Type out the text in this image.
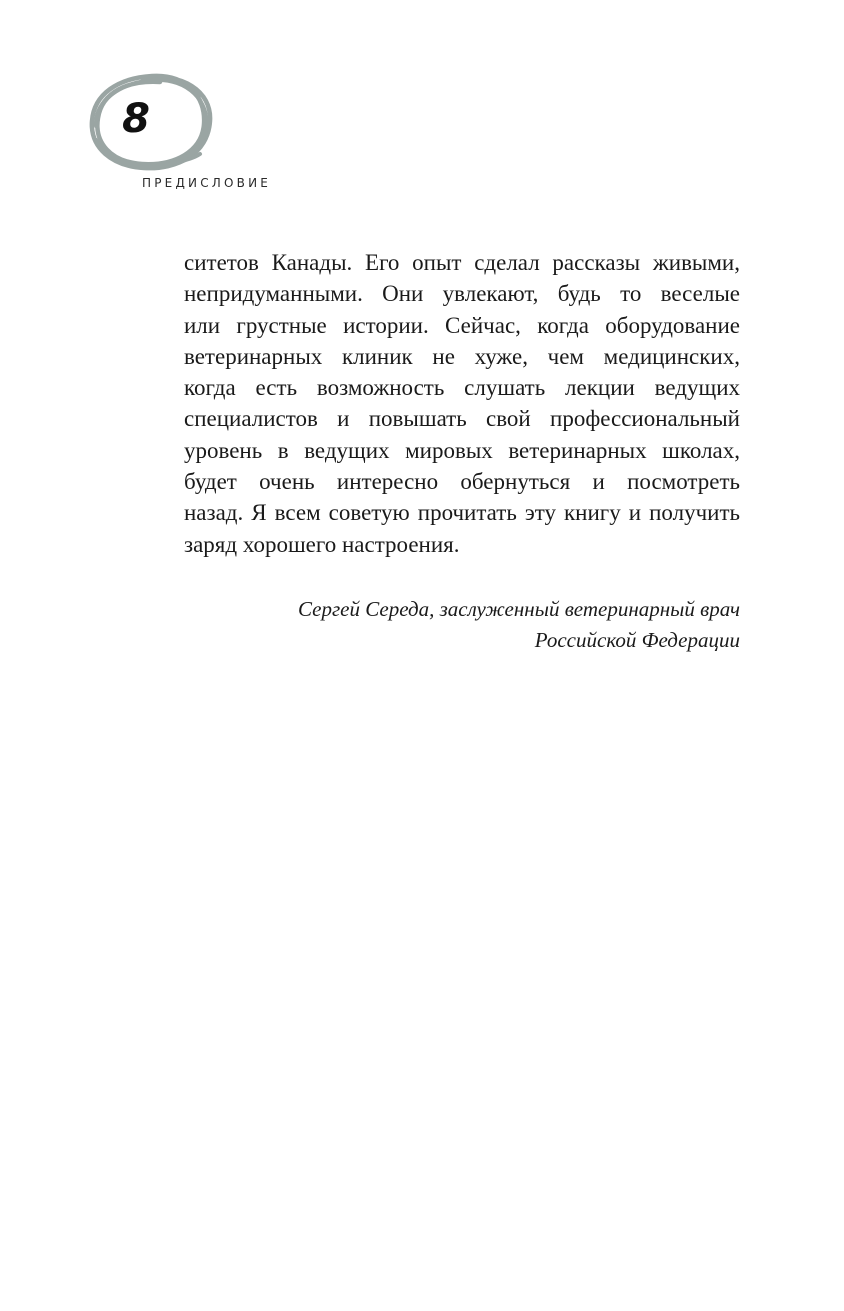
8
ПРЕДИСЛОВИЕ
ситетов Канады. Его опыт сделал рассказы живыми,
непридуманными. Они увлекают, будь то веселые
или грустные истории. Сейчас, когда оборудование
ветеринарных клиник не хуже, чем медицинских,
когда есть возможность слушать лекции ведущих
специалистов и повышать свой профессиональный
уровень в ведущих мировых ветеринарных школах,
будет очень интересно обернуться и посмотреть
назад. Я всем советую прочитать эту книгу и получить
заряд хорошего настроения.
Сергей Середа, заслуженный ветеринарный врач
Российской Федерации
